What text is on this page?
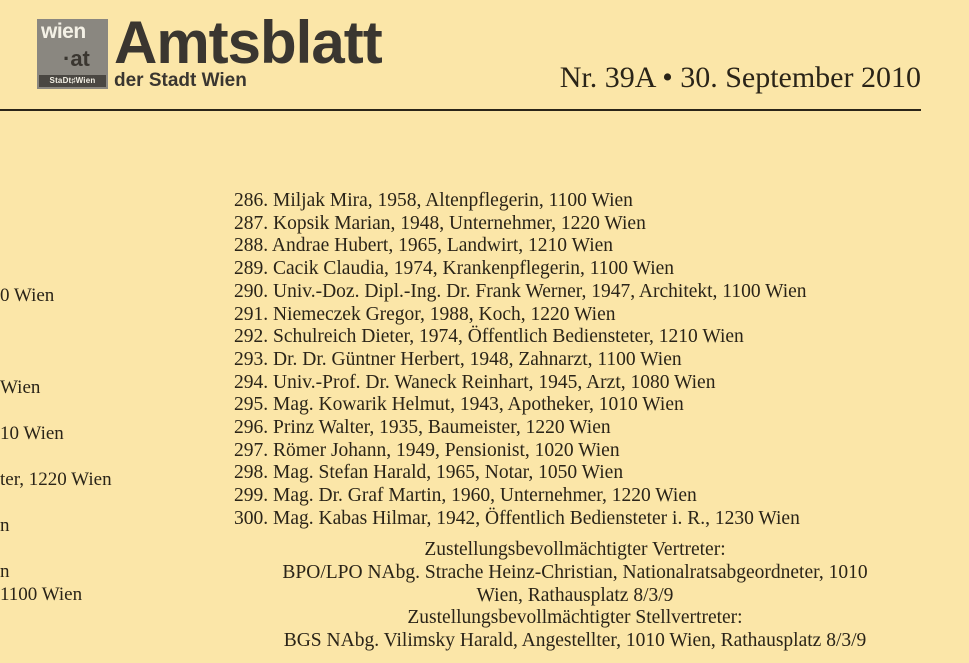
wien
·at
StaDt♯Wien
Amtsblatt
der Stadt Wien	Nr. 39A • 30. September 2010
0 Wien
Wien
10 Wien
ter, 1220 Wien
n
n
1100 Wien
286. Miljak Mira, 1958, Altenpflegerin, 1100 Wien
287. Kopsik Marian, 1948, Unternehmer, 1220 Wien
288. Andrae Hubert, 1965, Landwirt, 1210 Wien
289. Cacik Claudia, 1974, Krankenpflegerin, 1100 Wien
290. Univ.-Doz. Dipl.-Ing. Dr. Frank Werner, 1947, Architekt, 1100 Wien
291. Niemeczek Gregor, 1988, Koch, 1220 Wien
292. Schulreich Dieter, 1974, Öffentlich Bediensteter, 1210 Wien
293. Dr. Dr. Güntner Herbert, 1948, Zahnarzt, 1100 Wien
294. Univ.-Prof. Dr. Waneck Reinhart, 1945, Arzt, 1080 Wien
295. Mag. Kowarik Helmut, 1943, Apotheker, 1010 Wien
296. Prinz Walter, 1935, Baumeister, 1220 Wien
297. Römer Johann, 1949, Pensionist, 1020 Wien
298. Mag. Stefan Harald, 1965, Notar, 1050 Wien
299. Mag. Dr. Graf Martin, 1960, Unternehmer, 1220 Wien
300. Mag. Kabas Hilmar, 1942, Öffentlich Bediensteter i. R., 1230 Wien
Zustellungsbevollmächtigter Vertreter:
BPO/LPO NAbg. Strache Heinz-Christian, Nationalratsabgeordneter, 1010
Wien, Rathausplatz 8/3/9
Zustellungsbevollmächtigter Stellvertreter:
BGS NAbg. Vilimsky Harald, Angestellter, 1010 Wien, Rathausplatz 8/3/9
